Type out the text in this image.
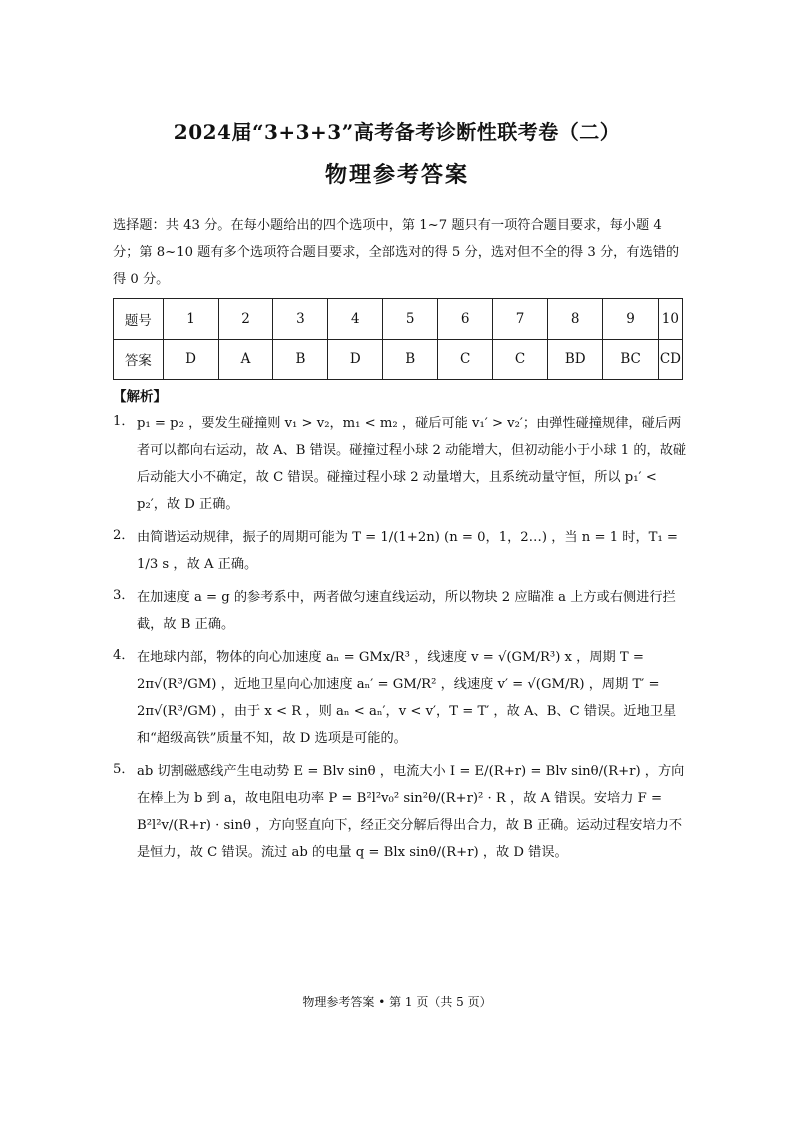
2024届“3+3+3”高考备考诊断性联考卷（二）
物理参考答案
选择题：共 43 分。在每小题给出的四个选项中，第 1~7 题只有一项符合题目要求，每小题 4 分；第 8~10 题有多个选项符合题目要求，全部选对的得 5 分，选对但不全的得 3 分，有选错的得 0 分。
题号	1	2	3	4	5	6	7	8	9	10
答案	D	A	B	D	B	C	C	BD	BC	CD
【解析】
1． p₁ = p₂ ，要发生碰撞则 v₁ > v₂，m₁ < m₂ ，碰后可能 v₁′ > v₂′；由弹性碰撞规律，碰后两者可以都向右运动，故 A、B 错误。碰撞过程小球 2 动能增大，但初动能小于小球 1 的，故碰后动能大小不确定，故 C 错误。碰撞过程小球 2 动量增大，且系统动量守恒，所以 p₁′ < p₂′，故 D 正确。
2． 由简谐运动规律，振子的周期可能为 T = 1/(1+2n) (n = 0，1，2…) ，当 n = 1 时，T₁ = 1/3 s ，故 A 正确。
3． 在加速度 a = g 的参考系中，两者做匀速直线运动，所以物块 2 应瞄准 a 上方或右侧进行拦截，故 B 正确。
4． 在地球内部，物体的向心加速度 aₙ = GMx/R³ ，线速度 v = √(GM/R³) x ，周期 T = 2π√(R³/GM) ，近地卫星向心加速度 aₙ′ = GM/R² ，线速度 v′ = √(GM/R) ，周期 T′ = 2π√(R³/GM) ，由于 x < R ，则 aₙ < aₙ′，v < v′，T = T′ ，故 A、B、C 错误。近地卫星和“超级高铁”质量不知，故 D 选项是可能的。
5． ab 切割磁感线产生电动势 E = Blv sinθ ，电流大小 I = E/(R+r) = Blv sinθ/(R+r) ，方向在棒上为 b 到 a，故电阻电功率 P = B²l²v₀² sin²θ/(R+r)² · R ，故 A 错误。安培力 F = B²l²v/(R+r) · sinθ ，方向竖直向下，经正交分解后得出合力，故 B 正确。运动过程安培力不是恒力，故 C 错误。流过 ab 的电量 q = Blx sinθ/(R+r) ，故 D 错误。
物理参考答案 • 第 1 页（共 5 页）
